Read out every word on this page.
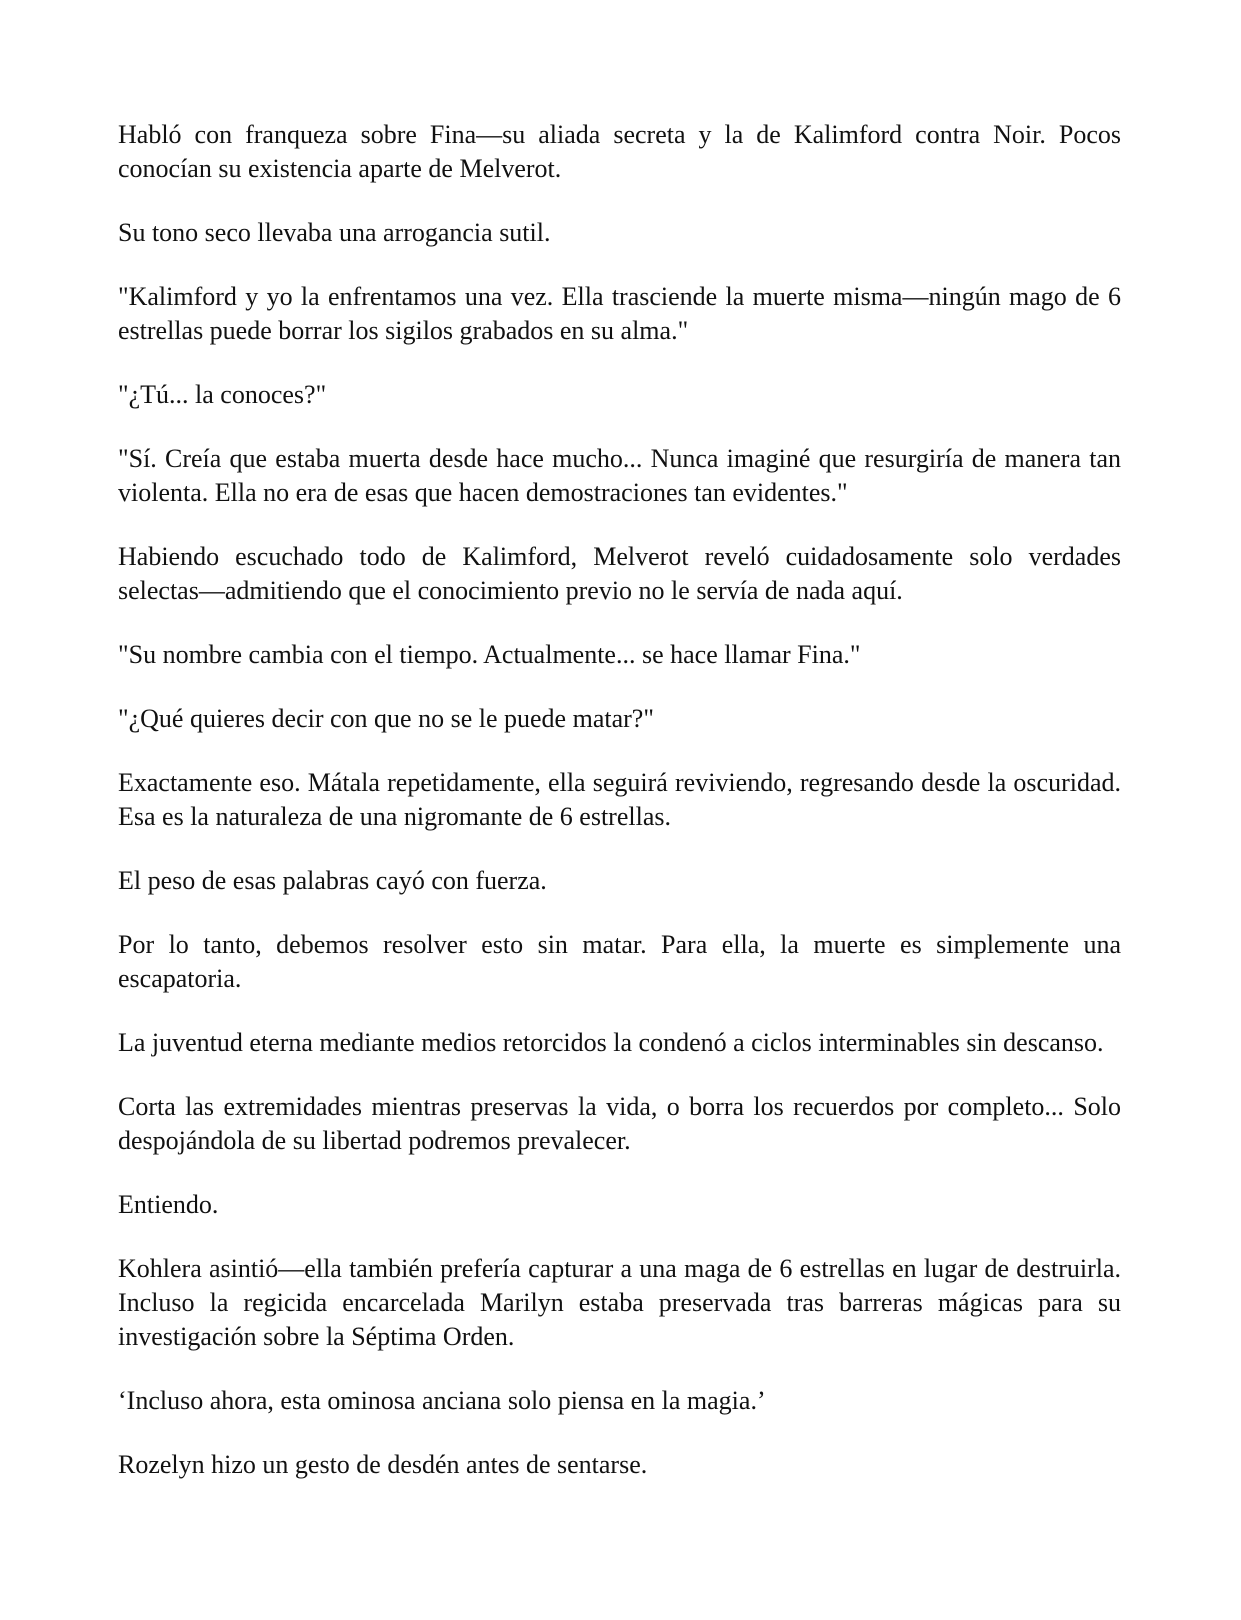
Habló con franqueza sobre Fina—su aliada secreta y la de Kalimford contra Noir. Pocos conocían su existencia aparte de Melverot.

Su tono seco llevaba una arrogancia sutil.

"Kalimford y yo la enfrentamos una vez. Ella trasciende la muerte misma—ningún mago de 6 estrellas puede borrar los sigilos grabados en su alma."

"¿Tú... la conoces?"

"Sí. Creía que estaba muerta desde hace mucho... Nunca imaginé que resurgiría de manera tan violenta. Ella no era de esas que hacen demostraciones tan evidentes."

Habiendo escuchado todo de Kalimford, Melverot reveló cuidadosamente solo verdades selectas—admitiendo que el conocimiento previo no le servía de nada aquí.

"Su nombre cambia con el tiempo. Actualmente... se hace llamar Fina."

"¿Qué quieres decir con que no se le puede matar?"

Exactamente eso. Mátala repetidamente, ella seguirá reviviendo, regresando desde la oscuridad. Esa es la naturaleza de una nigromante de 6 estrellas.

El peso de esas palabras cayó con fuerza.

Por lo tanto, debemos resolver esto sin matar. Para ella, la muerte es simplemente una escapatoria.

La juventud eterna mediante medios retorcidos la condenó a ciclos interminables sin descanso.

Corta las extremidades mientras preservas la vida, o borra los recuerdos por completo... Solo despojándola de su libertad podremos prevalecer.

Entiendo.

Kohlera asintió—ella también prefería capturar a una maga de 6 estrellas en lugar de destruirla. Incluso la regicida encarcelada Marilyn estaba preservada tras barreras mágicas para su investigación sobre la Séptima Orden.

‘Incluso ahora, esta ominosa anciana solo piensa en la magia.’

Rozelyn hizo un gesto de desdén antes de sentarse.
